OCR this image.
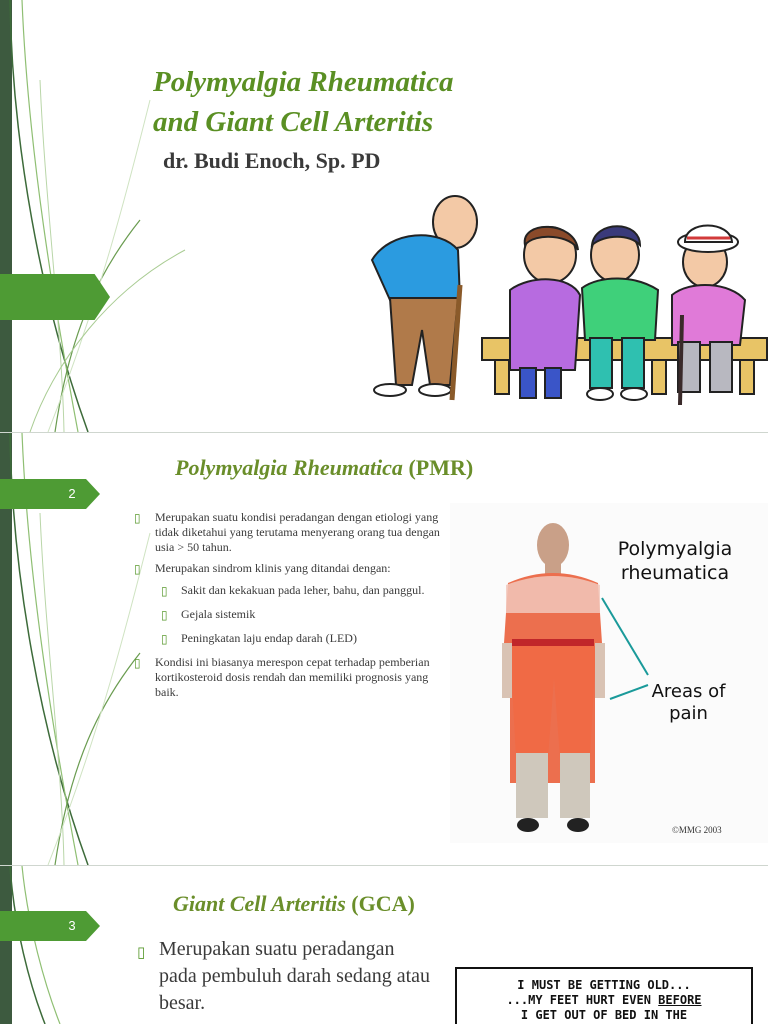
Polymyalgia Rheumatica
and Giant Cell Arteritis
dr. Budi Enoch, Sp. PD
2
Polymyalgia Rheumatica (PMR)
▯ Merupakan suatu kondisi peradangan dengan etiologi yang tidak diketahui yang terutama menyerang orang tua dengan usia > 50 tahun.
▯ Merupakan sindrom klinis yang ditandai dengan:
▯ Sakit dan kekakuan pada leher, bahu, dan panggul.
▯ Gejala sistemik
▯ Peningkatan laju endap darah (LED)
▯ Kondisi ini biasanya merespon cepat terhadap pemberian kortikosteroid dosis rendah dan memiliki prognosis yang baik.
Polymyalgia
rheumatica
Areas of
pain
©MMG 2003
3
Giant Cell Arteritis (GCA)
▯ Merupakan suatu peradangan pada pembuluh darah sedang atau besar.
I MUST BE GETTING OLD...
...MY FEET HURT EVEN BEFORE
I GET OUT OF BED IN THE
